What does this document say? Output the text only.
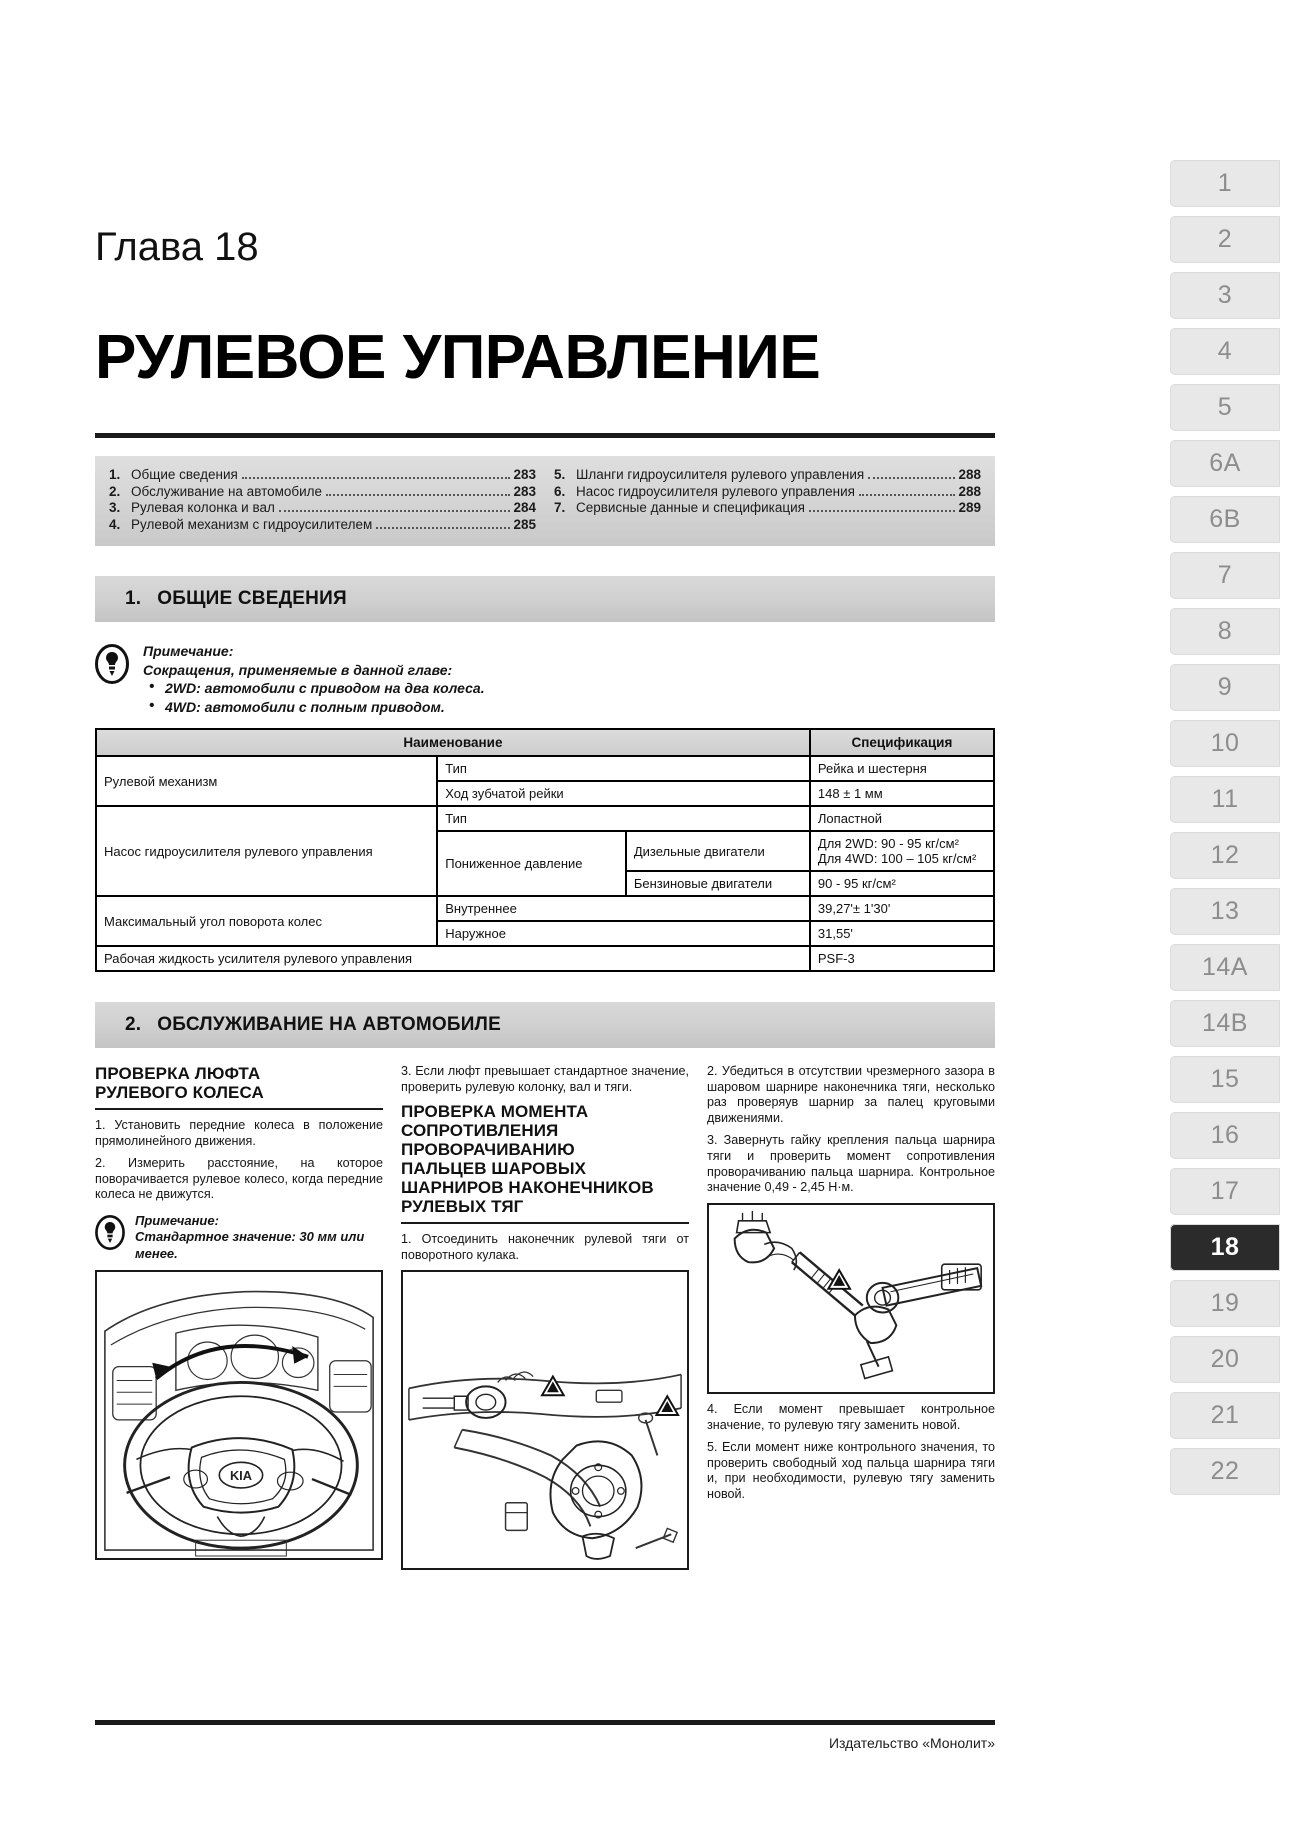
1
2
3
4
5
6A
6B
7
8
9
10
11
12
13
14A
14B
15
16
17
18
19
20
21
22
Глава 18
РУЛЕВОЕ УПРАВЛЕНИЕ
1. Общие сведения	283
2. Обслуживание на автомобиле	283
3. Рулевая колонка и вал	284
4. Рулевой механизм с гидроусилителем	285
5. Шланги гидроусилителя рулевого управления	288
6. Насос гидроусилителя рулевого управления	288
7. Сервисные данные и спецификация	289
1. ОБЩИЕ СВЕДЕНИЯ
Примечание:
Сокращения, применяемые в данной главе:
• 2WD: автомобили с приводом на два колеса.
• 4WD: автомобили с полным приводом.
Наименование			Спецификация
Рулевой механизм	Тип		Рейка и шестерня
	Ход зубчатой рейки		148 ± 1 мм
Насос гидроусилителя рулевого управления	Тип		Лопастной
	Пониженное давление	Дизельные двигатели	Для 2WD: 90 - 95 кг/см²
Для 4WD: 100 – 105 кг/см²
		Бензиновые двигатели	90 - 95 кг/см²
Максимальный угол поворота колес	Внутреннее		39,27'± 1'30'
	Наружное		31,55'
Рабочая жидкость усилителя рулевого управления			PSF-3
2. ОБСЛУЖИВАНИЕ НА АВТОМОБИЛЕ
ПРОВЕРКА ЛЮФТА
РУЛЕВОГО КОЛЕСА

1. Установить передние колеса в положение прямолинейного движения.

2. Измерить расстояние, на которое поворачивается рулевое колесо, когда передние колеса не движутся.

Примечание:
Стандартное значение: 30 мм или менее.
KIA

3. Если люфт превышает стандартное значение, проверить рулевую колонку, вал и тяги.

ПРОВЕРКА МОМЕНТА
СОПРОТИВЛЕНИЯ
ПРОВОРАЧИВАНИЮ
ПАЛЬЦЕВ ШАРОВЫХ
ШАРНИРОВ НАКОНЕЧНИКОВ
РУЛЕВЫХ ТЯГ

1. Отсоединить наконечник рулевой тяги от поворотного кулака.

2. Убедиться в отсутствии чрезмерного зазора в шаровом шарнире наконечника тяги, несколько раз проверяув шарнир за палец круговыми движениями.

3. Завернуть гайку крепления пальца шарнира тяги и проверить момент сопротивления проворачиванию пальца шарнира. Контрольное значение 0,49 - 2,45 Н·м.

4. Если момент превышает контрольное значение, то рулевую тягу заменить новой.

5. Если момент ниже контрольного значения, то проверить свободный ход пальца шарнира тяги и, при необходимости, рулевую тягу заменить новой.

Издательство «Монолит»
